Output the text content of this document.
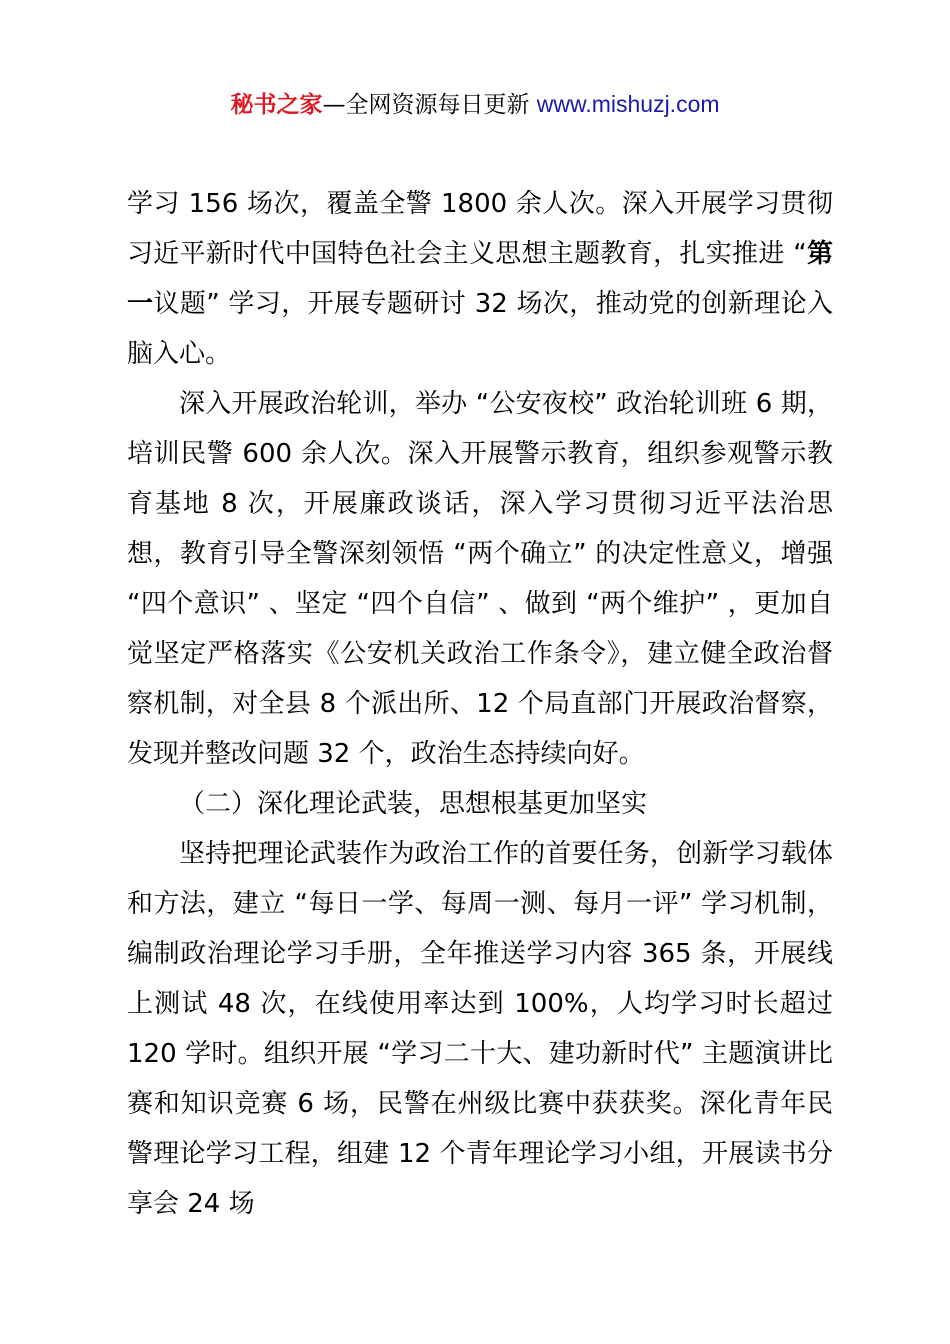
秘书之家—全网资源每日更新 www.mishuzj.com

学习 156 场次，覆盖全警 1800 余人次。深入开展学习贯彻习近平新时代中国特色社会主义思想主题教育，扎实推进 “第一议题” 学习，开展专题研讨 32 场次，推动党的创新理论入脑入心。

深入开展政治轮训，举办 “公安夜校” 政治轮训班 6 期，培训民警 600 余人次。深入开展警示教育，组织参观警示教育基地 8 次，开展廉政谈话，深入学习贯彻习近平法治思想，教育引导全警深刻领悟 “两个确立” 的决定性意义，增强 “四个意识” 、坚定 “四个自信” 、做到 “两个维护” ，更加自觉坚定严格落实《公安机关政治工作条令》，建立健全政治督察机制，对全县 8 个派出所、12 个局直部门开展政治督察，发现并整改问题 32 个，政治生态持续向好。

（二）深化理论武装，思想根基更加坚实

坚持把理论武装作为政治工作的首要任务，创新学习载体和方法，建立 “每日一学、每周一测、每月一评” 学习机制，编制政治理论学习手册，全年推送学习内容 365 条，开展线上测试 48 次，在线使用率达到 100%，人均学习时长超过 120 学时。组织开展 “学习二十大、建功新时代” 主题演讲比赛和知识竞赛 6 场，民警在州级比赛中获获奖。深化青年民警理论学习工程，组建 12 个青年理论学习小组，开展读书分享会 24 场
